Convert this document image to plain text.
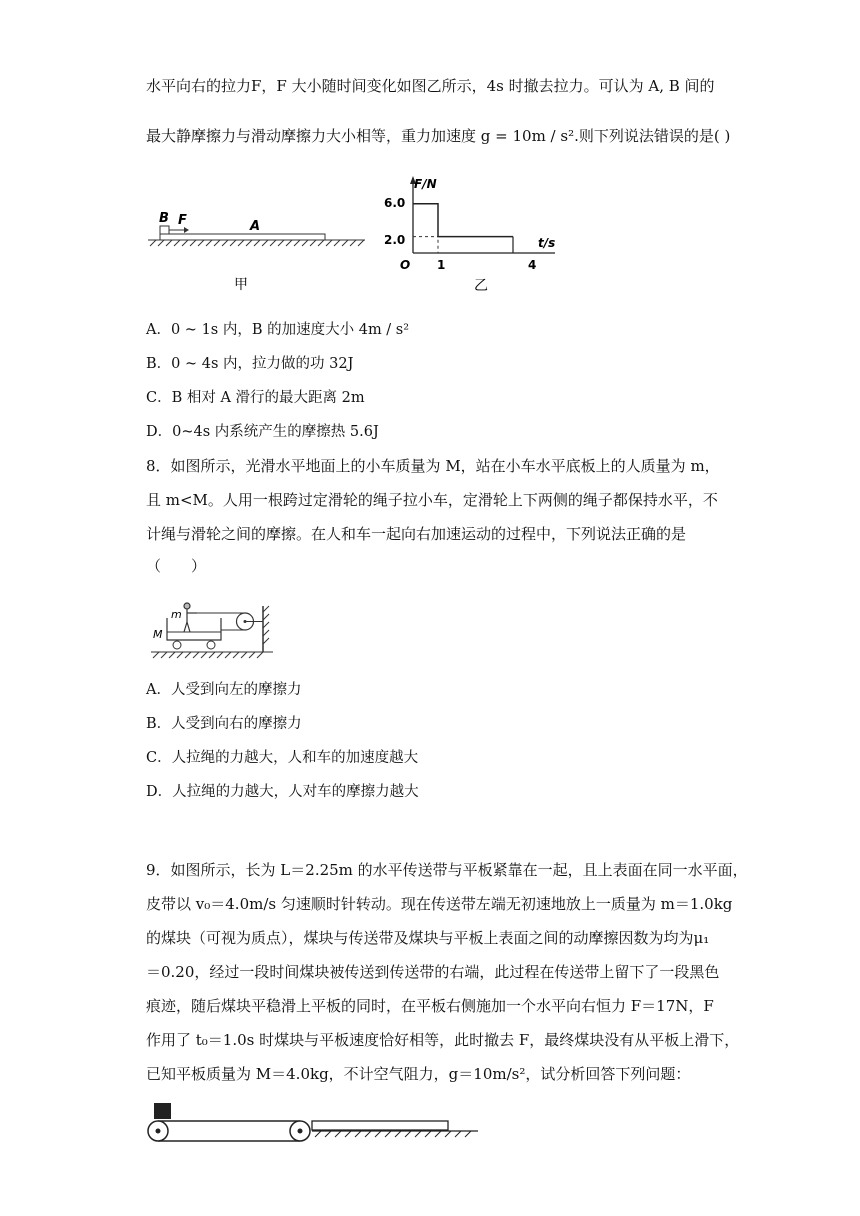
水平向右的拉力F，F 大小随时间变化如图乙所示，4s 时撤去拉力。可认为 A, B 间的
最大静摩擦力与滑动摩擦力大小相等，重力加速度 g = 10m / s².则下列说法错误的是( )
B F	A
甲
F/N
t/s
O
6.0
2.0
1	4
乙
A．0 ~ 1s 内，B 的加速度大小 4m / s²
B．0 ~ 4s 内，拉力做的功 32J
C．B 相对 A 滑行的最大距离 2m
D．0~4s 内系统产生的摩擦热 5.6J
8．如图所示，光滑水平地面上的小车质量为 M，站在小车水平底板上的人质量为 m，
且 m<M。人用一根跨过定滑轮的绳子拉小车，定滑轮上下两侧的绳子都保持水平，不
计绳与滑轮之间的摩擦。在人和车一起向右加速运动的过程中，下列说法正确的是
（　　）
m
M
A．人受到向左的摩擦力
B．人受到向右的摩擦力
C．人拉绳的力越大，人和车的加速度越大
D．人拉绳的力越大，人对车的摩擦力越大
9．如图所示，长为 L＝2.25m 的水平传送带与平板紧靠在一起，且上表面在同一水平面，
皮带以 v₀＝4.0m/s 匀速顺时针转动。现在传送带左端无初速地放上一质量为 m＝1.0kg
的煤块（可视为质点），煤块与传送带及煤块与平板上表面之间的动摩擦因数为均为μ₁
＝0.20，经过一段时间煤块被传送到传送带的右端，此过程在传送带上留下了一段黑色
痕迹，随后煤块平稳滑上平板的同时，在平板右侧施加一个水平向右恒力 F＝17N，F
作用了 t₀＝1.0s 时煤块与平板速度恰好相等，此时撤去 F，最终煤块没有从平板上滑下，
已知平板质量为 M＝4.0kg，不计空气阻力，g＝10m/s²，试分析回答下列问题：
